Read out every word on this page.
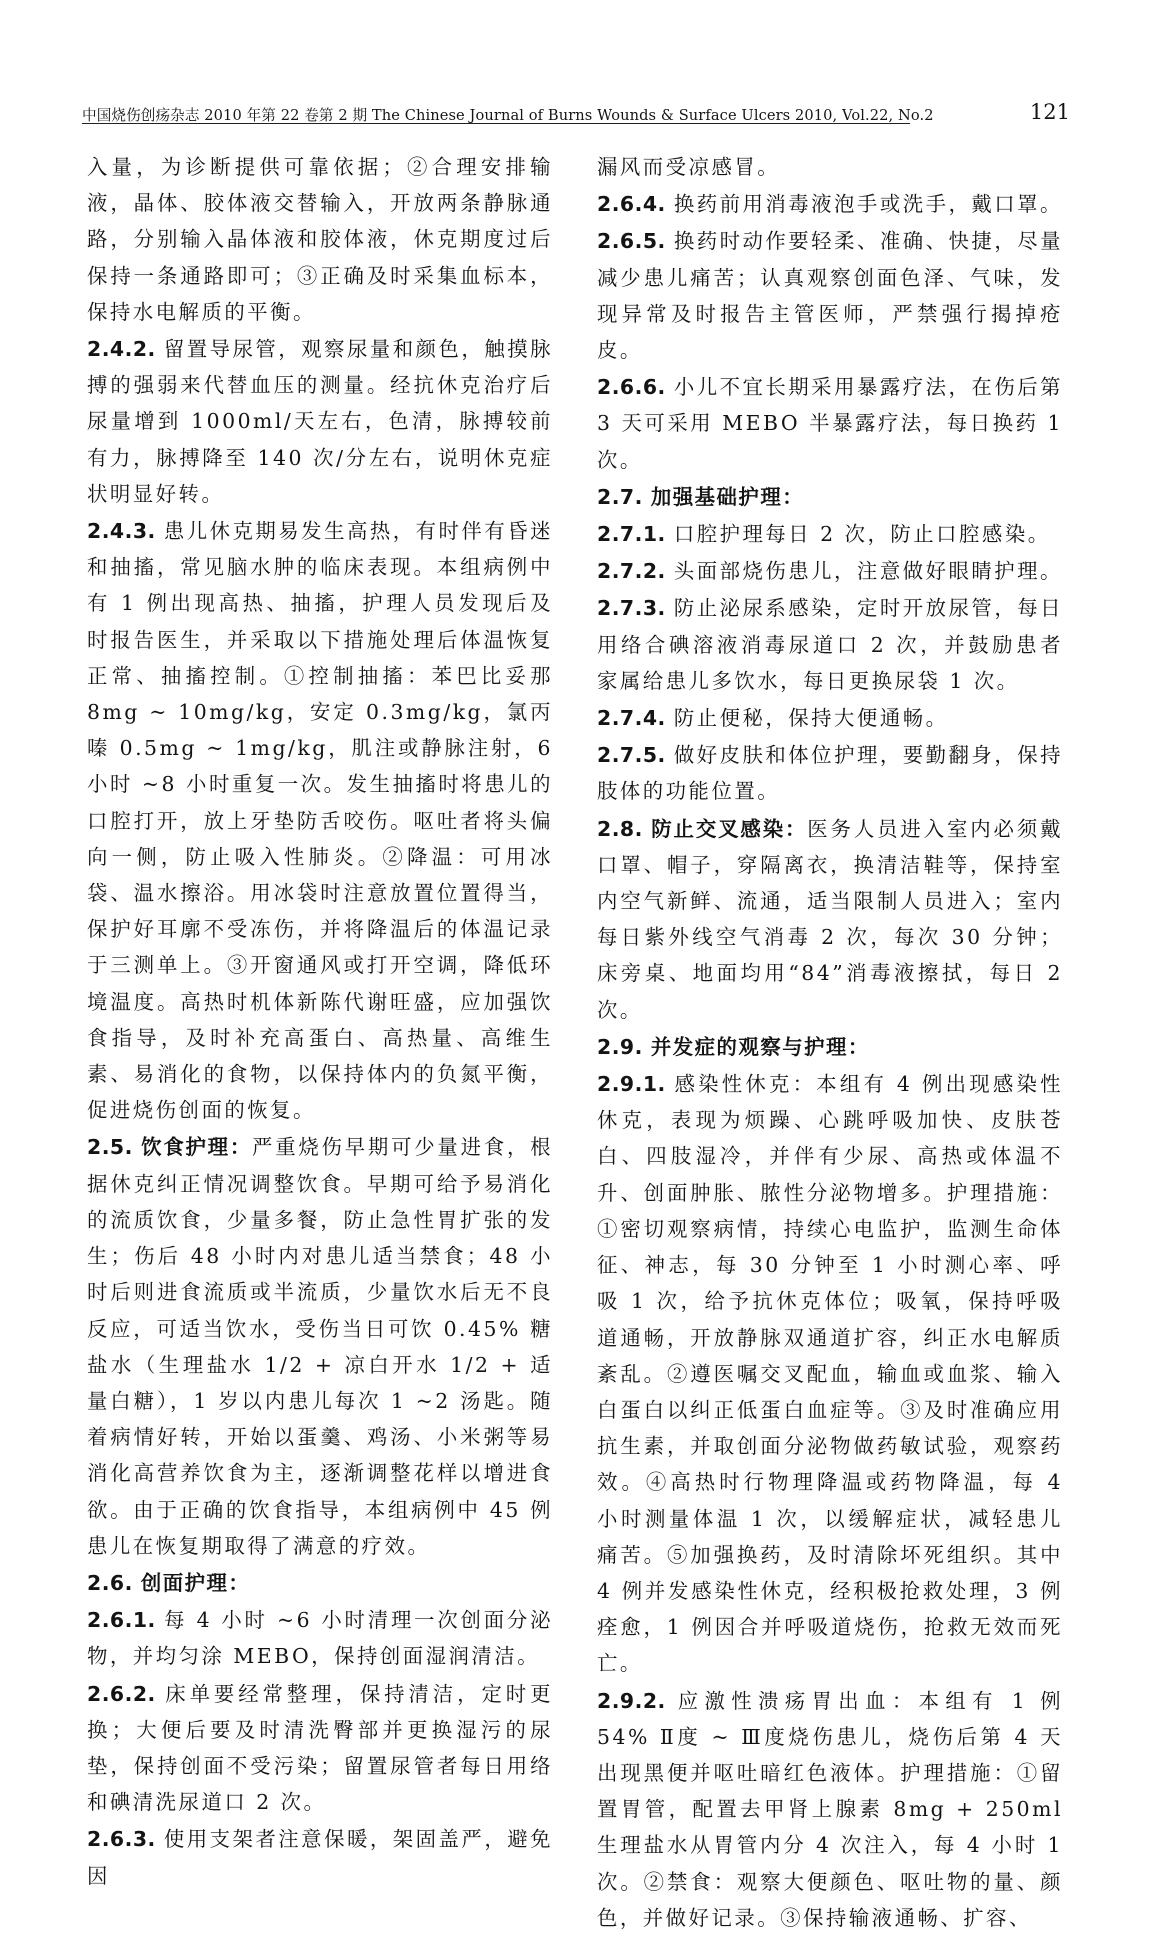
中国烧伤创疡杂志 2010 年第 22 卷第 2 期 The Chinese Journal of Burns Wounds & Surface Ulcers 2010, Vol.22, No.2	121

入量，为诊断提供可靠依据；②合理安排输液，晶体、胶体液交替输入，开放两条静脉通路，分别输入晶体液和胶体液，休克期度过后保持一条通路即可；③正确及时采集血标本，保持水电解质的平衡。

2.4.2. 留置导尿管，观察尿量和颜色，触摸脉搏的强弱来代替血压的测量。经抗休克治疗后尿量增到 1000ml/天左右，色清，脉搏较前有力，脉搏降至 140 次/分左右，说明休克症状明显好转。

2.4.3. 患儿休克期易发生高热，有时伴有昏迷和抽搐，常见脑水肿的临床表现。本组病例中有 1 例出现高热、抽搐，护理人员发现后及时报告医生，并采取以下措施处理后体温恢复正常、抽搐控制。①控制抽搐：苯巴比妥那 8mg ~ 10mg/kg，安定 0.3mg/kg，氯丙嗪 0.5mg ~ 1mg/kg，肌注或静脉注射，6 小时 ~8 小时重复一次。发生抽搐时将患儿的口腔打开，放上牙垫防舌咬伤。呕吐者将头偏向一侧，防止吸入性肺炎。②降温：可用冰袋、温水擦浴。用冰袋时注意放置位置得当，保护好耳廓不受冻伤，并将降温后的体温记录于三测单上。③开窗通风或打开空调，降低环境温度。高热时机体新陈代谢旺盛，应加强饮食指导，及时补充高蛋白、高热量、高维生素、易消化的食物，以保持体内的负氮平衡，促进烧伤创面的恢复。

2.5. 饮食护理：严重烧伤早期可少量进食，根据休克纠正情况调整饮食。早期可给予易消化的流质饮食，少量多餐，防止急性胃扩张的发生；伤后 48 小时内对患儿适当禁食；48 小时后则进食流质或半流质，少量饮水后无不良反应，可适当饮水，受伤当日可饮 0.45% 糖盐水（生理盐水 1/2 + 凉白开水 1/2 + 适量白糖），1 岁以内患儿每次 1 ~2 汤匙。随着病情好转，开始以蛋羹、鸡汤、小米粥等易消化高营养饮食为主，逐渐调整花样以增进食欲。由于正确的饮食指导，本组病例中 45 例患儿在恢复期取得了满意的疗效。

2.6. 创面护理：

2.6.1. 每 4 小时 ~6 小时清理一次创面分泌物，并均匀涂 MEBO，保持创面湿润清洁。

2.6.2. 床单要经常整理，保持清洁，定时更换；大便后要及时清洗臀部并更换湿污的尿垫，保持创面不受污染；留置尿管者每日用络和碘清洗尿道口 2 次。

2.6.3. 使用支架者注意保暖，架固盖严，避免因

漏风而受凉感冒。

2.6.4. 换药前用消毒液泡手或洗手，戴口罩。

2.6.5. 换药时动作要轻柔、准确、快捷，尽量减少患儿痛苦；认真观察创面色泽、气味，发现异常及时报告主管医师，严禁强行揭掉疮皮。

2.6.6. 小儿不宜长期采用暴露疗法，在伤后第 3 天可采用 MEBO 半暴露疗法，每日换药 1 次。

2.7. 加强基础护理：

2.7.1. 口腔护理每日 2 次，防止口腔感染。

2.7.2. 头面部烧伤患儿，注意做好眼睛护理。

2.7.3. 防止泌尿系感染，定时开放尿管，每日用络合碘溶液消毒尿道口 2 次，并鼓励患者家属给患儿多饮水，每日更换尿袋 1 次。

2.7.4. 防止便秘，保持大便通畅。

2.7.5. 做好皮肤和体位护理，要勤翻身，保持肢体的功能位置。

2.8. 防止交叉感染：医务人员进入室内必须戴口罩、帽子，穿隔离衣，换清洁鞋等，保持室内空气新鲜、流通，适当限制人员进入；室内每日紫外线空气消毒 2 次，每次 30 分钟；床旁桌、地面均用“84”消毒液擦拭，每日 2 次。

2.9. 并发症的观察与护理：

2.9.1. 感染性休克：本组有 4 例出现感染性休克，表现为烦躁、心跳呼吸加快、皮肤苍白、四肢湿冷，并伴有少尿、高热或体温不升、创面肿胀、脓性分泌物增多。护理措施：①密切观察病情，持续心电监护，监测生命体征、神志，每 30 分钟至 1 小时测心率、呼吸 1 次，给予抗休克体位；吸氧，保持呼吸道通畅，开放静脉双通道扩容，纠正水电解质紊乱。②遵医嘱交叉配血，输血或血浆、输入白蛋白以纠正低蛋白血症等。③及时准确应用抗生素，并取创面分泌物做药敏试验，观察药效。④高热时行物理降温或药物降温，每 4 小时测量体温 1 次，以缓解症状，减轻患儿痛苦。⑤加强换药，及时清除坏死组织。其中 4 例并发感染性休克，经积极抢救处理，3 例痊愈，1 例因合并呼吸道烧伤，抢救无效而死亡。

2.9.2. 应激性溃疡胃出血：本组有 1 例 54% Ⅱ度 ~ Ⅲ度烧伤患儿，烧伤后第 4 天出现黑便并呕吐暗红色液体。护理措施：①留置胃管，配置去甲肾上腺素 8mg + 250ml 生理盐水从胃管内分 4 次注入，每 4 小时 1 次。②禁食：观察大便颜色、呕吐物的量、颜色，并做好记录。③保持输液通畅、扩容、
